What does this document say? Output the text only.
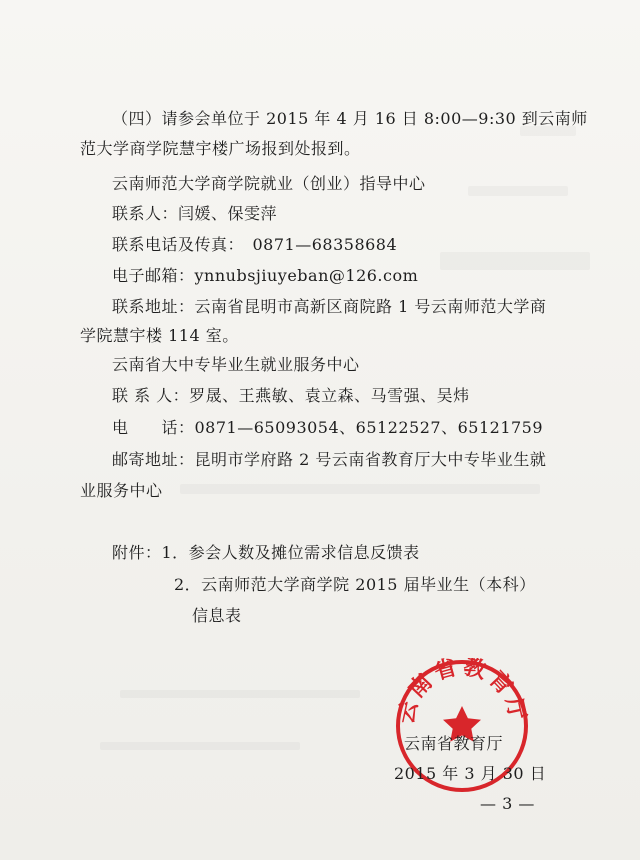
（四）请参会单位于 2015 年 4 月 16 日 8:00—9:30 到云南师
范大学商学院慧宇楼广场报到处报到。
云南师范大学商学院就业（创业）指导中心
联系人：闫媛、保雯萍
联系电话及传真：　0871—68358684
电子邮箱：ynnubsjiuyeban@126.com
联系地址：云南省昆明市高新区商院路 1 号云南师范大学商
学院慧宇楼 114 室。
云南省大中专毕业生就业服务中心
联 系 人：罗晟、王燕敏、袁立森、马雪强、吴炜
电　　话：0871—65093054、65122527、65121759
邮寄地址：昆明市学府路 2 号云南省教育厅大中专毕业生就
业服务中心
附件：1．参会人数及摊位需求信息反馈表
2．云南师范大学商学院 2015 届毕业生（本科）
信息表
云南省教育厅
云南省教育厅
2015 年 3 月 30 日
— 3 —
